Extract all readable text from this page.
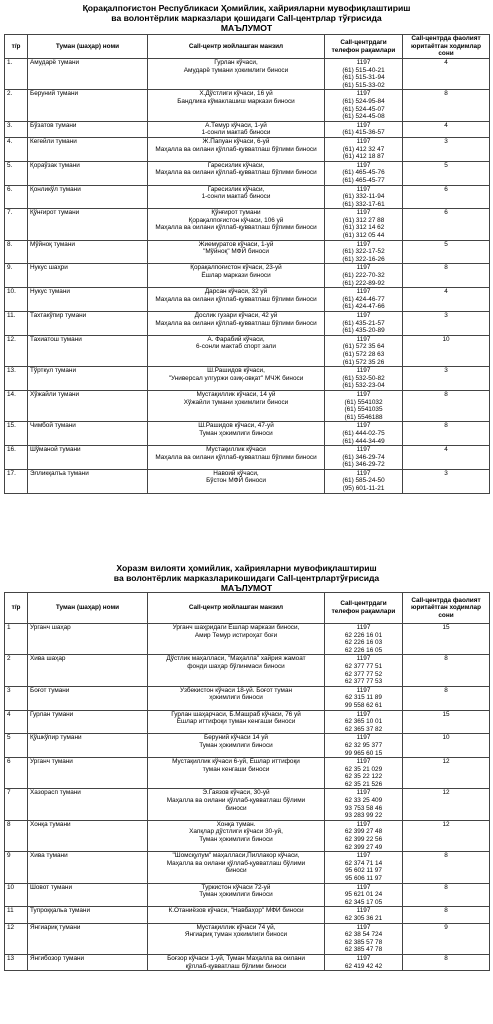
Қорақалпоғистон Республикаси Ҳомийлик, хайрияларни мувофиқлаштириш
ва волонтёрлик марказлари қошидаги Call-центрлар тўғрисида
МАЪЛУМОТ
т/р	Туман (шаҳар) номи	Call-центр жойлашган манзил	Call-центрдаги телефон рақамлари	Call-центрда фаолият юритаётган ходимлар сони
1.	Амударё тумани	Гурлан кўчаси,
Амударё тумани ҳокимлиги биноси	1197
(61) 515-40-21
(61) 515-31-94
(61) 515-33-02	4
2.	Беруний тумани	Х.Дўстлиги кўчаси, 16 уй
Бандлика кўмаклашиш маркази биноси	1197
(61) 524-95-84
(61) 524-45-07
(61) 524-45-08	8
3.	Бўзатов тумани	А.Темур кўчаси, 1-уй
1-сонли мактаб биноси	1197
(61) 415-36-57	4
4.	Кегейли тумани	Ж.Папуан кўчаси, 6-уй
Маҳалла ва оилани қўллаб-қувватлаш бўлими биноси	1197
(61) 412 32 47
(61) 412 18 87	3
5.	Қораўзак тумани	Гаресизлик кўчаси,
Маҳалла ва оилани қўллаб-қувватлаш бўлими биноси	1197
(61) 465-45-76
(61) 465-45-77	5
6.	Қонликўл тумани	Гаресизлик кўчаси,
1-сонли мактаб биноси	1197
(61) 332-11-94
(61) 332-17-61	6
7.	Қўнғирот тумани	Қўнғирот тумани
Қорақалпоғистон кўчаси, 106 уй
Маҳалла ва оилани қўллаб-қувватлаш бўлими биноси	1197
(61) 312 27 88
(61) 312 14 62
(61) 312 05 44	6
8.	Мўйноқ тумани	Жиемуратов кўчаси, 1-уй
"Мўйноқ" МФЙ биноси	1197
(61) 322-17-52
(61) 322-16-26	5
9.	Нукус шаҳри	Қорақалпоғистон кўчаси, 23-уй
Ёшлар маркази биноси	1197
(61) 222-70-32
(61) 222-89-92	8
10.	Нукус тумани	Дарсан кўчаси, 32 уй
Маҳалла ва оилани қўллаб-қувватлаш бўлими биноси	1197
(61) 424-46-77
(61) 424-47-66	4
11.	Тахтакўпир тумани	Дослик гузари кўчаси, 42 уй
Маҳалла ва оилани қўллаб-қувватлаш бўлими биноси	1197
(61) 435-21-57
(61) 435-20-89	3
12.	Тахиатош тумани	А. Фарабий кўчаси,
6-сонли мактаб спорт зали	1197
(61) 572 35 64
(61) 572 28 63
(61) 572 35 26	10
13.	Тўрткул тумани	Ш.Рашидов кўчаси,
"Универсал улгуржи озиқ-овқат" МЧЖ биноси	1197
(61) 532-50-82
(61) 532-23-04	3
14.	Хўжайли тумани	Мустақиллик кўчаси, 14 уй
Хўжайли тумани ҳокимлиги биноси	1197
(61) 5541032
(61) 5541035
(61) 5546188	8
15.	Чимбой тумани	Ш.Рашидов кўчаси, 47-уй
Туман ҳокимлиги биноси	1197
(61) 444-02-75
(61) 444-34-49	8
16.	Шўманой тумани	Мустақиллик кўчаси
Маҳалла ва оилани қўллаб-қувватлаш бўлими биноси	1197
(61) 346-29-74
(61) 346-29-72	4
17.	Элликқалъа тумани	Навоий кўчаси,
Бўстон МФЙ биноси	1197
(61) 585-24-50
(95) 601-11-21	3
Хоразм вилояти ҳомийлик, хайрияларни мувофиқлаштириш
ва волонтёрлик марказларикошидаги Call-центрлартўғрисида
МАЪЛУМОТ
т/р	Туман (шаҳар) номи	Call-центр жойлашган манзил	Call-центрдаги телефон рақамлари	Call-центрда фаолият юритаётган ходимлар сони
1	Урганч шаҳар	Урганч шаҳридаги Ёшлар маркази биноси,
Амир Темур истироҳат боғи	1197
62 226 16 01
62 226 16 03
62 226 16 05	15
2	Хива шаҳар	Дўстлик маҳалласи, "Маҳалла" хайрия жамоат
фонди шаҳар бўлинмаси биноси	1197
62 377 77 51
62 377 77 52
62 377 77 53	8
3	Боғот тумани	Ўзбекистон кўчаси 18-уй. Боғот туман
ҳокимлиги биноси	1197
62 315 11 89
99 558 62 61	8
4	Гурлан тумани	Гурлан шаҳарчаси, Б.Машраб кўчаси, 76 уй
Ёшлар иттифоқи туман кенгаши биноси	1197
62 365 10 01
62 365 37 82	15
5	Қўшкўпир тумани	Беруний кўчаси 14 уй
Туман ҳокимлиги биноси	1197
62 32 95 377
99 965 60 15	10
6	Урганч тумани	Мустақиллик кўчаси 6-уй, Ёшлар иттифоқи
туман кенгаши биноси	1197
62 35 21 029
62 35 22 122
62 35 21 526	12
7	Хазорасп тумани	Э.Гаязов кўчаси, 30-уй
Маҳалла ва оилани қўллаб-қувватлаш бўлими
биноси	1197
62 33 25 409
93 753 58 46
93 283 99 22	12
8	Хонқа тумани	Хонқа туман.
Хапқлар дўстлиги кўчаси 30-уй,
Туман ҳокимлиги биноси	1197
62 399 27 48
62 399 22 56
62 399 27 49	12
9	Хива тумани	"Шомсқулум" маҳалласи,Пиллакор кўчаси,
Маҳалла ва оилани қўллаб-қувватлаш бўлими
биноси	1197
62 374 71 14
95 602 11 97
95 606 11 97	8
10	Шовот тумани	Туркистон кўчаси 72-уй
Туман ҳокимлиги биноси	1197
95 621 01 24
62 345 17 05	8
11	Тупроққальа тумани	К.Отаниёзов кўчаси, "Навбаҳор" МФЙ биноси	1197
62 305 36 21	8
12	Янгиариқ тумани	Мустақиллик кўчаси 74 уй,
Янгиариқ туман ҳокимлиги биноси	1197
62 38 54 724
62 385 57 78
62 385 47 78	9
13	Янгибозор тумани	Боғзор кўчаси 1-уй, Туман Маҳалла ва оилани
қўллаб-қувватлаш бўлими биноси	1197
62 419 42 42	8
